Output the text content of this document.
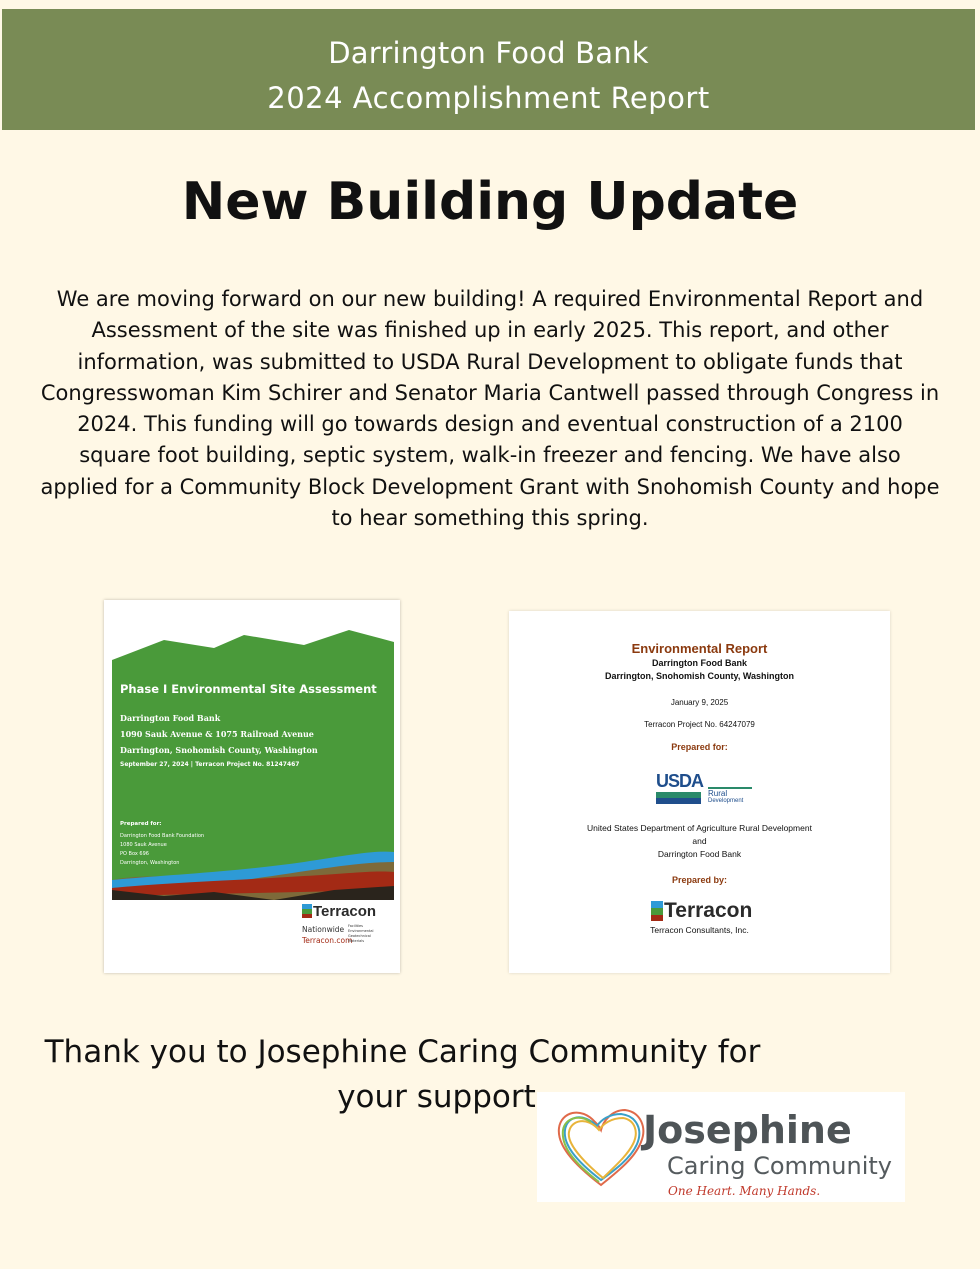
Darrington Food Bank
2024 Accomplishment Report
New Building Update
We are moving forward on our new building! A required Environmental Report and Assessment of the site was finished up in early 2025. This report, and other information, was submitted to USDA Rural Development to obligate funds that Congresswoman Kim Schirer and Senator Maria Cantwell passed through Congress in 2024. This funding will go towards design and eventual construction of a 2100 square foot building, septic system, walk-in freezer and fencing. We have also applied for a Community Block Development Grant with Snohomish County and hope to hear something this spring.
Phase I Environmental Site Assessment
Darrington Food Bank
1090 Sauk Avenue & 1075 Railroad Avenue
Darrington, Snohomish County, Washington
September 27, 2024 | Terracon Project No. 81247467
Prepared for:
Darrington Food Bank Foundation
1080 Sauk Avenue
PO Box 696
Darrington, Washington
Terracon
Nationwide
Terracon.com
Facilities
Environmental
Geotechnical
Materials
Environmental Report
Darrington Food Bank
Darrington, Snohomish County, Washington
January 9, 2025
Terracon Project No. 64247079
Prepared for:
USDA
Rural
Development
United States Department of Agriculture Rural Development
and
Darrington Food Bank
Prepared by:
Terracon
Terracon Consultants, Inc.
Thank you to Josephine Caring Community for
your support
Josephine
Caring Community
One Heart. Many Hands.
